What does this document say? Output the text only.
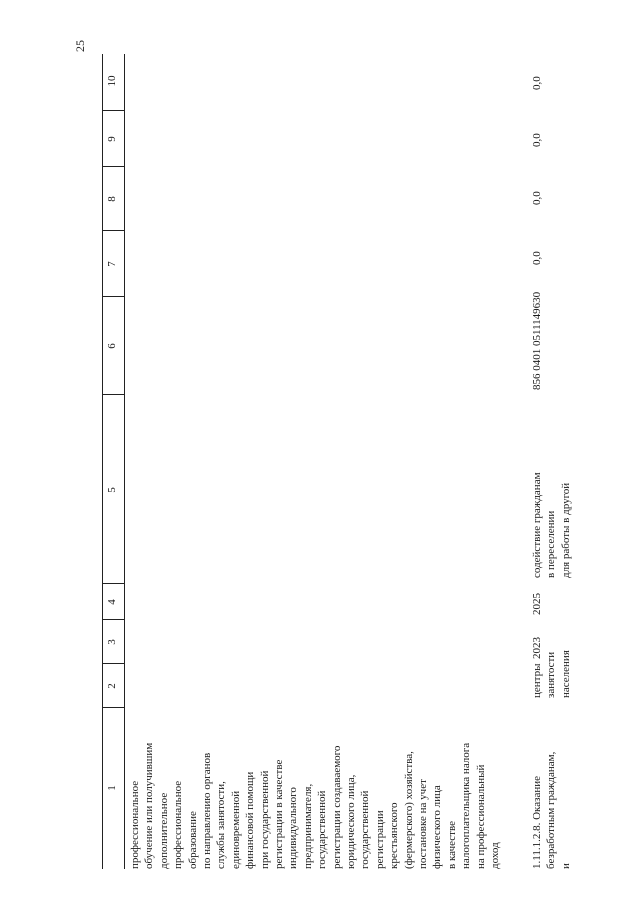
25
1
2
3
4
5
6
7
8
9
10
профессиональное обучение или получившим дополнительное профессиональное образование по направлению органов службы занятости, единовременной финансовой помощи при государственной регистрации в качестве индивидуального предпринимателя, государственной регистрации создаваемого юридического лица, государственной регистрации крестьянского (фермерского) хозяйства, постановке на учет физического лица в качестве налогоплательщика налога на профессиональный доход	1.11.1.2.8. Оказание безработным гражданам, и
центры занятости населения
2023
2025
содействие гражданам в переселении для работы в другой
856 0401 0511149630
0,0
0,0
0,0
0,0
